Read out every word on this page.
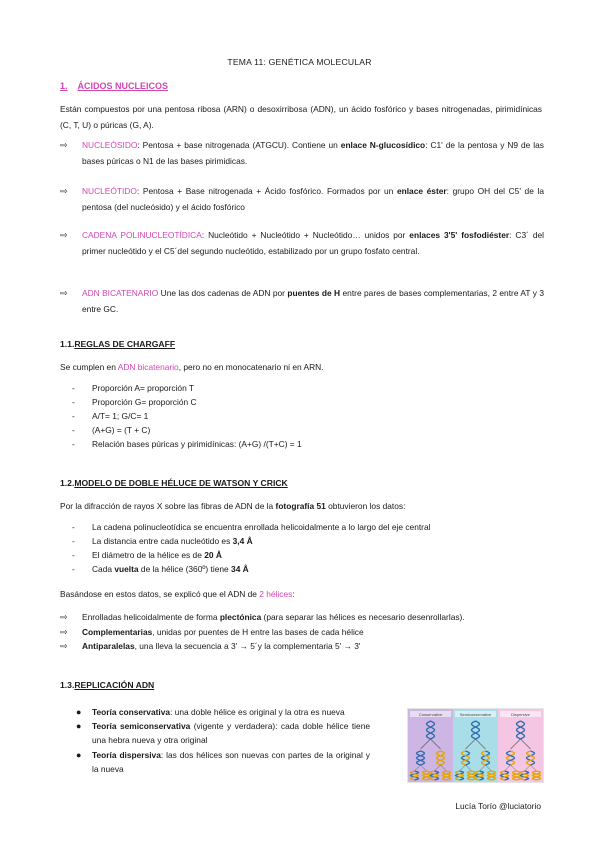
TEMA 11: GENÉTICA MOLECULAR
1. ÁCIDOS NUCLEICOS
Están compuestos por una pentosa ribosa (ARN) o desoxirribosa (ADN), un ácido fosfórico y bases nitrogenadas, pirimidínicas (C, T, U) o púricas (G, A).
⇨	NUCLEÓSIDO: Pentosa + base nitrogenada (ATGCU). Contiene un enlace N-glucosídico: C1' de la pentosa y N9 de las bases púricas o N1 de las bases pirimidicas.
⇨	NUCLEÓTIDO: Pentosa + Base nitrogenada + Ácido fosfórico. Formados por un enlace éster: grupo OH del C5' de la pentosa (del nucleósido) y el ácido fosfórico
⇨	CADENA POLINUCLEOTÍDICA: Nucleótido + Nucleótido + Nucleótido… unidos por enlaces 3'5' fosfodiéster: C3´ del primer nucleótido y el C5´del segundo nucleótido, estabilizado por un grupo fosfato central.
⇨	ADN BICATENARIO Une las dos cadenas de ADN por puentes de H entre pares de bases complementarias, 2 entre AT y 3 entre GC.
1.1.REGLAS DE CHARGAFF
Se cumplen en ADN bicatenario, pero no en monocatenario ni en ARN.
- Proporción A= proporción T
- Proporción G= proporción C
- A/T= 1; G/C= 1
- (A+G) = (T + C)
- Relación bases púricas y pirimidínicas: (A+G) /(T+C) = 1
1.2.MODELO DE DOBLE HÉLUCE DE WATSON Y CRICK
Por la difracción de rayos X sobre las fibras de ADN de la fotografía 51 obtuvieron los datos:
- La cadena polinucleotídica se encuentra enrollada helicoidalmente a lo largo del eje central
- La distancia entre cada nucleótido es 3,4 Å
- El diámetro de la hélice es de 20 Å
- Cada vuelta de la hélice (360º) tiene 34 Å
Basándose en estos datos, se explicó que el ADN de 2 hélices:
⇨	Enrolladas helicoidalmente de forma plectónica (para separar las hélices es necesario desenrollarlas).
⇨	Complementarias, unidas por puentes de H entre las bases de cada hélice
⇨	Antiparalelas, una lleva la secuencia a 3' → 5´y la complementaria 5' → 3'
1.3.REPLICACIÓN ADN
● Teoría conservativa: una doble hélice es original y la otra es nueva
● Teoría semiconservativa (vigente y verdadera): cada doble hélice tiene una hebra nueva y otra original
● Teoría dispersiva: las dos hélices son nuevas con partes de la original y la nueva
Conservative	Semiconservative	Dispersive
Lucía Torío @luciatorio
